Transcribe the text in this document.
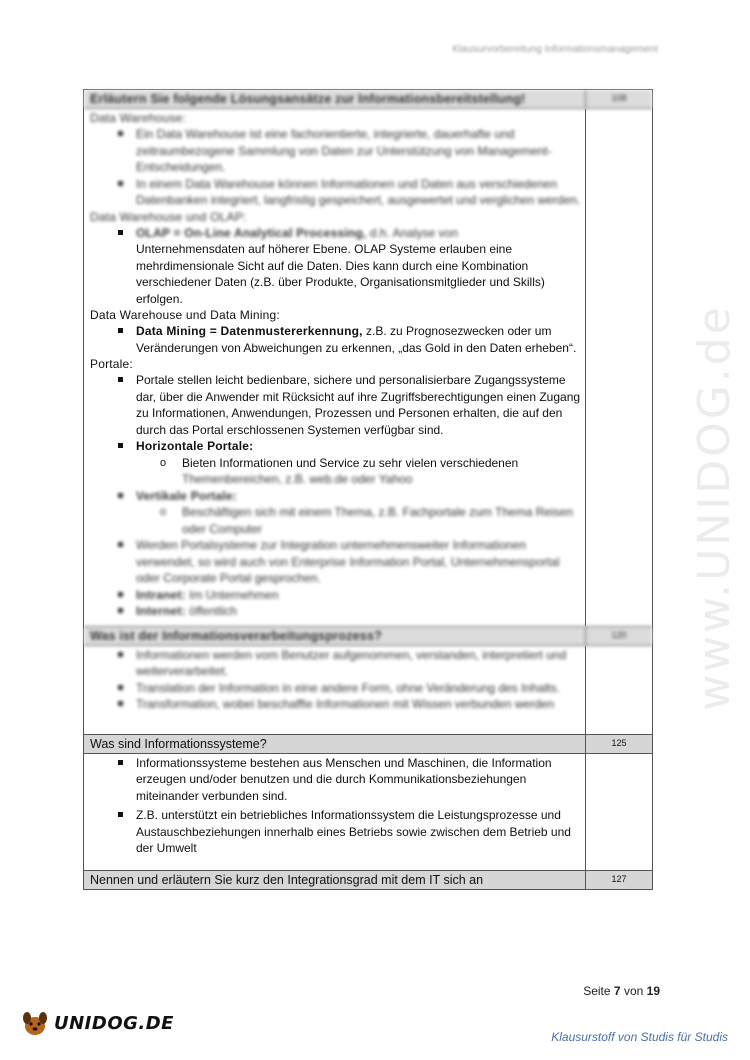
Klausurvorbereitung Informationsmanagement
www.UNIDOG.de
Erläutern Sie folgende Lösungsansätze zur Informationsbereitstellung!	108
Data Warehouse:
Ein Data Warehouse ist eine fachorientierte, integrierte, dauerhafte und zeitraumbezogene Sammlung von Daten zur Unterstützung von Management-Entscheidungen.
In einem Data Warehouse können Informationen und Daten aus verschiedenen Datenbanken integriert, langfristig gespeichert, ausgewertet und verglichen werden.
Data Warehouse und OLAP:
OLAP = On-Line Analytical Processing, d.h. Analyse von
Unternehmensdaten auf höherer Ebene. OLAP Systeme erlauben eine mehrdimensionale Sicht auf die Daten. Dies kann durch eine Kombination verschiedener Daten (z.B. über Produkte, Organisationsmitglieder und Skills) erfolgen.
Data Warehouse und Data Mining:
Data Mining = Datenmustererkennung, z.B. zu Prognosezwecken oder um Veränderungen von Abweichungen zu erkennen, „das Gold in den Daten erheben“.
Portale:
Portale stellen leicht bedienbare, sichere und personalisierbare Zugangssysteme dar, über die Anwender mit Rücksicht auf ihre Zugriffsberechtigungen einen Zugang zu Informationen, Anwendungen, Prozessen und Personen erhalten, die auf den durch das Portal erschlossenen Systemen verfügbar sind.
Horizontale Portale:
o Bieten Informationen und Service zu sehr vielen verschiedenen
Themenbereichen, z.B. web.de oder Yahoo
Vertikale Portale:
o Beschäftigen sich mit einem Thema, z.B. Fachportale zum Thema Reisen oder Computer
Werden Portalsysteme zur Integration unternehmensweiter Informationen verwendet, so wird auch von Enterprise Information Portal, Unternehmensportal oder Corporate Portal gesprochen.
Intranet: Im Unternehmen
Internet: öffentlich
Was ist der Informationsverarbeitungsprozess?	120
Informationen werden vom Benutzer aufgenommen, verstanden, interpretiert und weiterverarbeitet.
Translation der Information in eine andere Form, ohne Veränderung des Inhalts.
Transformation, wobei beschaffte Informationen mit Wissen verbunden werden
Was sind Informationssysteme?	125
Informationssysteme bestehen aus Menschen und Maschinen, die Information erzeugen und/oder benutzen und die durch Kommunikationsbeziehungen miteinander verbunden sind.
Z.B. unterstützt ein betriebliches Informationssystem die Leistungsprozesse und Austauschbeziehungen innerhalb eines Betriebs sowie zwischen dem Betrieb und der Umwelt
Nennen und erläutern Sie kurz den Integrationsgrad mit dem IT sich an	127
Seite 7 von 19
UNIDOG.DE
Klausurstoff von Studis für Studis
